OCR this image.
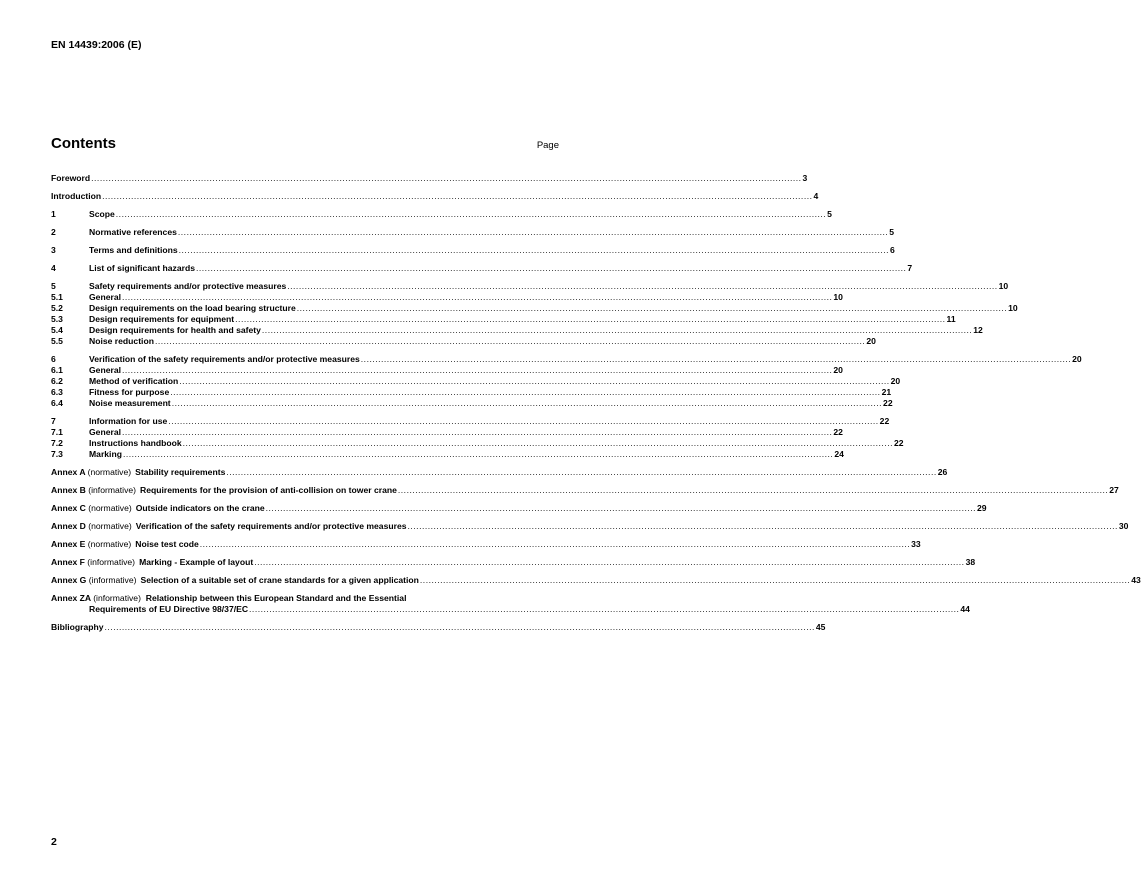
EN 14439:2006 (E)
Contents	Page
Foreword .....	3
Introduction .....	4
1	Scope .....	5
2	Normative references .....	5
3	Terms and definitions .....	6
4	List of significant hazards .....	7
5	Safety requirements and/or protective measures .....	10
5.1	General .....	10
5.2	Design requirements on the load bearing structure .....	10
5.3	Design requirements for equipment .....	11
5.4	Design requirements for health and safety .....	12
5.5	Noise reduction .....	20
6	Verification of the safety requirements and/or protective measures .....	20
6.1	General .....	20
6.2	Method of verification .....	20
6.3	Fitness for purpose .....	21
6.4	Noise measurement .....	22
7	Information for use .....	22
7.1	General .....	22
7.2	Instructions handbook .....	22
7.3	Marking .....	24
Annex A (normative) Stability requirements .....	26
Annex B (informative) Requirements for the provision of anti-collision on tower crane .....	27
Annex C (normative) Outside indicators on the crane .....	29
Annex D (normative) Verification of the safety requirements and/or protective measures .....	30
Annex E (normative) Noise test code .....	33
Annex F (informative) Marking - Example of layout .....	38
Annex G (informative) Selection of a suitable set of crane standards for a given application .....	43
Annex ZA (informative) Relationship between this European Standard and the Essential
Requirements of EU Directive 98/37/EC .....	44
Bibliography .....	45
2
